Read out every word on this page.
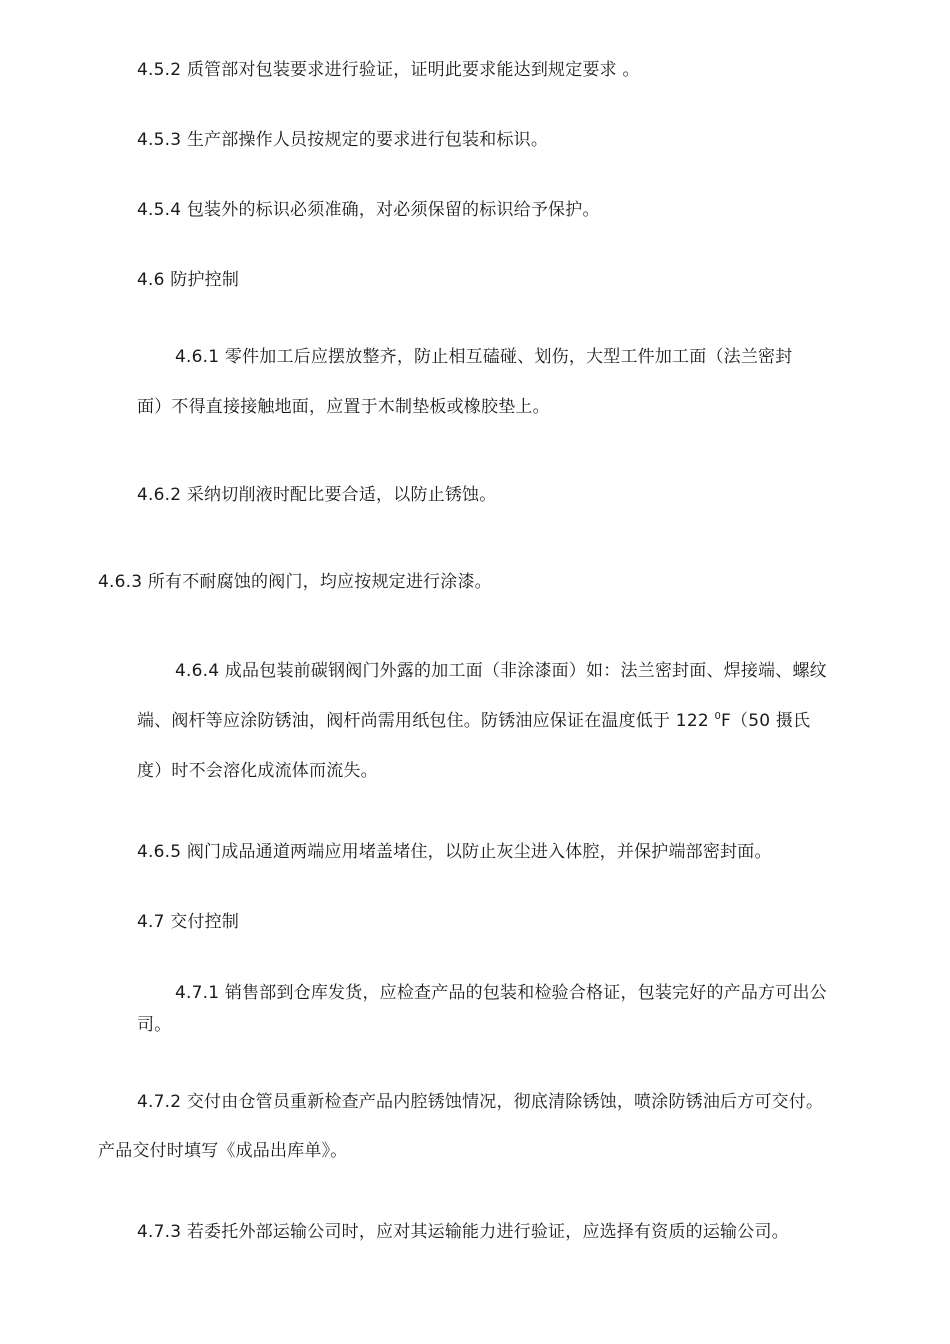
4.5.2 质管部对包装要求进行验证，证明此要求能达到规定要求 。
4.5.3 生产部操作人员按规定的要求进行包装和标识。
4.5.4 包装外的标识必须准确，对必须保留的标识给予保护。
4.6 防护控制
4.6.1 零件加工后应摆放整齐，防止相互磕碰、划伤，大型工件加工面（法兰密封
面）不得直接接触地面，应置于木制垫板或橡胶垫上。
4.6.2 采纳切削液时配比要合适，以防止锈蚀。
4.6.3 所有不耐腐蚀的阀门，均应按规定进行涂漆。
4.6.4 成品包装前碳钢阀门外露的加工面（非涂漆面）如：法兰密封面、焊接端、螺纹
端、阀杆等应涂防锈油，阀杆尚需用纸包住。防锈油应保证在温度低于 122 $^0$F（50 摄氏
度）时不会溶化成流体而流失。
4.6.5 阀门成品通道两端应用堵盖堵住，以防止灰尘进入体腔，并保护端部密封面。
4.7 交付控制
4.7.1 销售部到仓库发货，应检查产品的包装和检验合格证，包装完好的产品方可出公
司。
4.7.2 交付由仓管员重新检查产品内腔锈蚀情况，彻底清除锈蚀，喷涂防锈油后方可交付。
产品交付时填写《成品出库单》。
4.7.3 若委托外部运输公司时，应对其运输能力进行验证，应选择有资质的运输公司。
